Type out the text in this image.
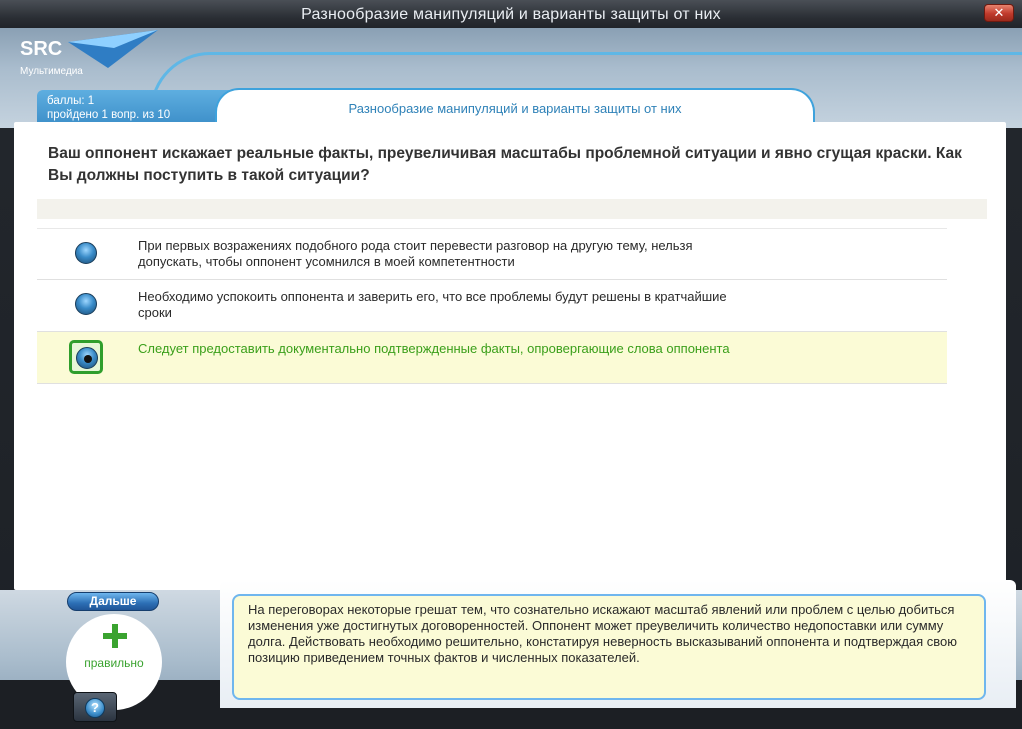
Разнообразие манипуляций и варианты защиты от них	✕
SRC
Мультимедиа
баллы: 1
пройдено 1 вопр. из 10	Разнообразие манипуляций и варианты защиты от них
Ваш оппонент искажает реальные факты, преувеличивая масштабы проблемной ситуации и явно сгущая краски. Как Вы должны поступить в такой ситуации?
При первых возражениях подобного рода стоит перевести разговор на другую тему, нельзя допускать, чтобы оппонент усомнился в моей компетентности
Необходимо успокоить оппонента и заверить его, что все проблемы будут решены в кратчайшие сроки
Следует предоставить документально подтвержденные факты, опровергающие слова оппонента
Дальше
правильно
На переговорах некоторые грешат тем, что сознательно искажают масштаб явлений или проблем с целью добиться изменения уже достигнутых договоренностей. Оппонент может преувеличить количество недопоставки или сумму долга. Действовать необходимо решительно, констатируя неверность высказываний оппонента и подтверждая свою позицию приведением точных фактов и численных показателей.
?
